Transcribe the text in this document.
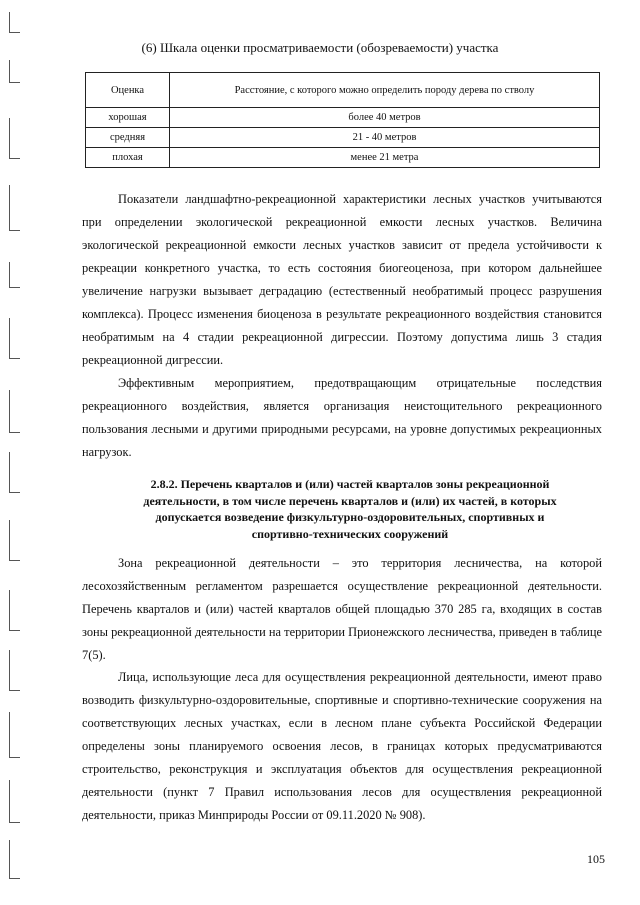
(6) Шкала оценки просматриваемости (обозреваемости) участка
Оценка	Расстояние, с которого можно определить породу дерева по стволу
хорошая	более 40 метров
средняя	21 - 40 метров
плохая	менее 21 метра

Показатели ландшафтно-рекреационной характеристики лесных участков учитываются при определении экологической рекреационной емкости лесных участков. Величина экологической рекреационной емкости лесных участков зависит от предела устойчивости к рекреации конкретного участка, то есть состояния биогеоценоза, при котором дальнейшее увеличение нагрузки вызывает деградацию (естественный необратимый процесс разрушения комплекса). Процесс изменения биоценоза в результате рекреационного воздействия становится необратимым на 4 стадии рекреационной дигрессии. Поэтому допустима лишь 3 стадия рекреационной дигрессии.

Эффективным мероприятием, предотвращающим отрицательные последствия рекреационного воздействия, является организация неистощительного рекреационного пользования лесными и другими природными ресурсами, на уровне допустимых рекреационных нагрузок.

2.8.2. Перечень кварталов и (или) частей кварталов зоны рекреационной деятельности, в том числе перечень кварталов и (или) их частей, в которых допускается возведение физкультурно-оздоровительных, спортивных и спортивно-технических сооружений

Зона рекреационной деятельности – это территория лесничества, на которой лесохозяйственным регламентом разрешается осуществление рекреационной деятельности. Перечень кварталов и (или) частей кварталов общей площадью 370 285 га, входящих в состав зоны рекреационной деятельности на территории Прионежского лесничества, приведен в таблице 7(5).

Лица, использующие леса для осуществления рекреационной деятельности, имеют право возводить физкультурно-оздоровительные, спортивные и спортивно-технические сооружения на соответствующих лесных участках, если в лесном плане субъекта Российской Федерации определены зоны планируемого освоения лесов, в границах которых предусматриваются строительство, реконструкция и эксплуатация объектов для осуществления рекреационной деятельности (пункт 7 Правил использования лесов для осуществления рекреационной деятельности, приказ Минприроды России от 09.11.2020 № 908).

105
